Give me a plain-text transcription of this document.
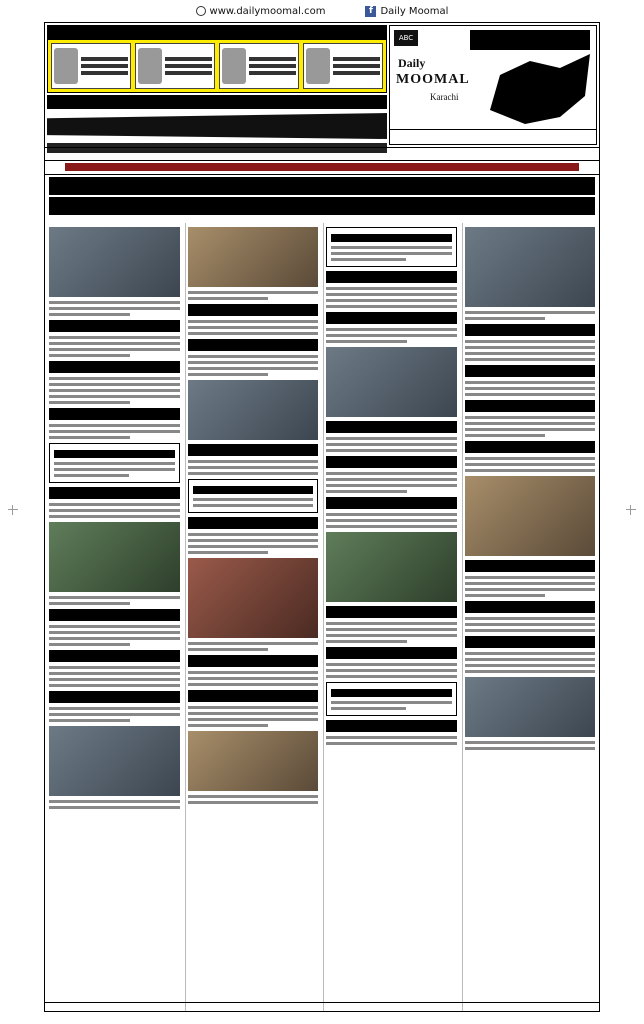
www.dailymoomal.com	f Daily Moomal
ABC
Daily
MOOMAL
Karachi
